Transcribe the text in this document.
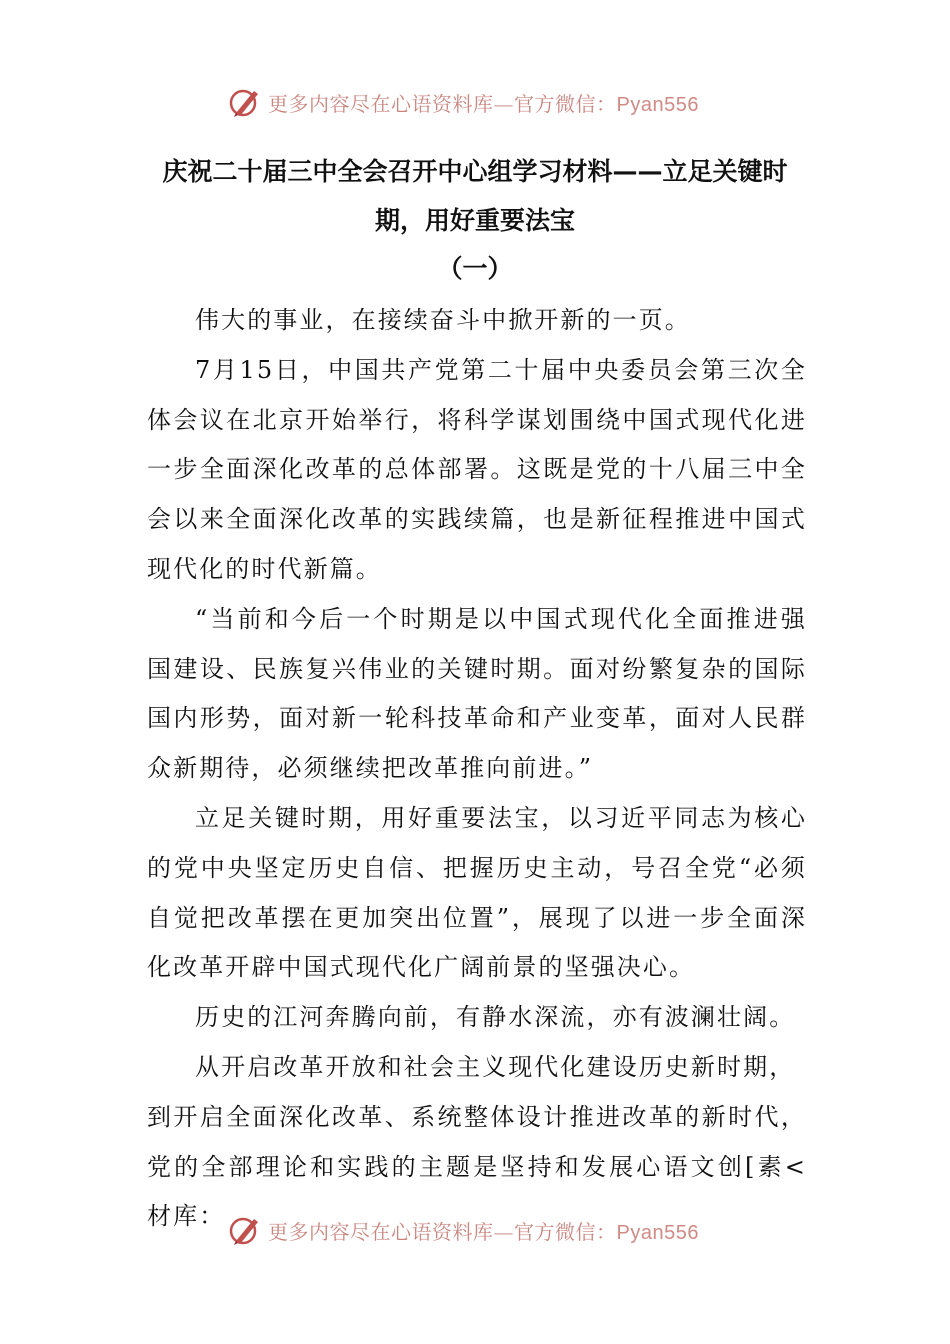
更多内容尽在心语资料库—官方微信：Pyan556
庆祝二十届三中全会召开中心组学习材料——立足关键时
期，用好重要法宝
（一）

伟大的事业，在接续奋斗中掀开新的一页。

7月15日，中国共产党第二十届中央委员会第三次全体会议在北京开始举行，将科学谋划围绕中国式现代化进一步全面深化改革的总体部署。这既是党的十八届三中全会以来全面深化改革的实践续篇，也是新征程推进中国式现代化的时代新篇。

“当前和今后一个时期是以中国式现代化全面推进强国建设、民族复兴伟业的关键时期。面对纷繁复杂的国际国内形势，面对新一轮科技革命和产业变革，面对人民群众新期待，必须继续把改革推向前进。”

立足关键时期，用好重要法宝，以习近平同志为核心的党中央坚定历史自信、把握历史主动，号召全党“必须自觉把改革摆在更加突出位置”，展现了以进一步全面深化改革开辟中国式现代化广阔前景的坚强决心。

历史的江河奔腾向前，有静水深流，亦有波澜壮阔。

从开启改革开放和社会主义现代化建设历史新时期，

到开启全面深化改革、系统整体设计推进改革的新时代，党的全部理论和实践的主题是坚持和发展心语文创[素<材库：

更多内容尽在心语资料库—官方微信：Pyan556
